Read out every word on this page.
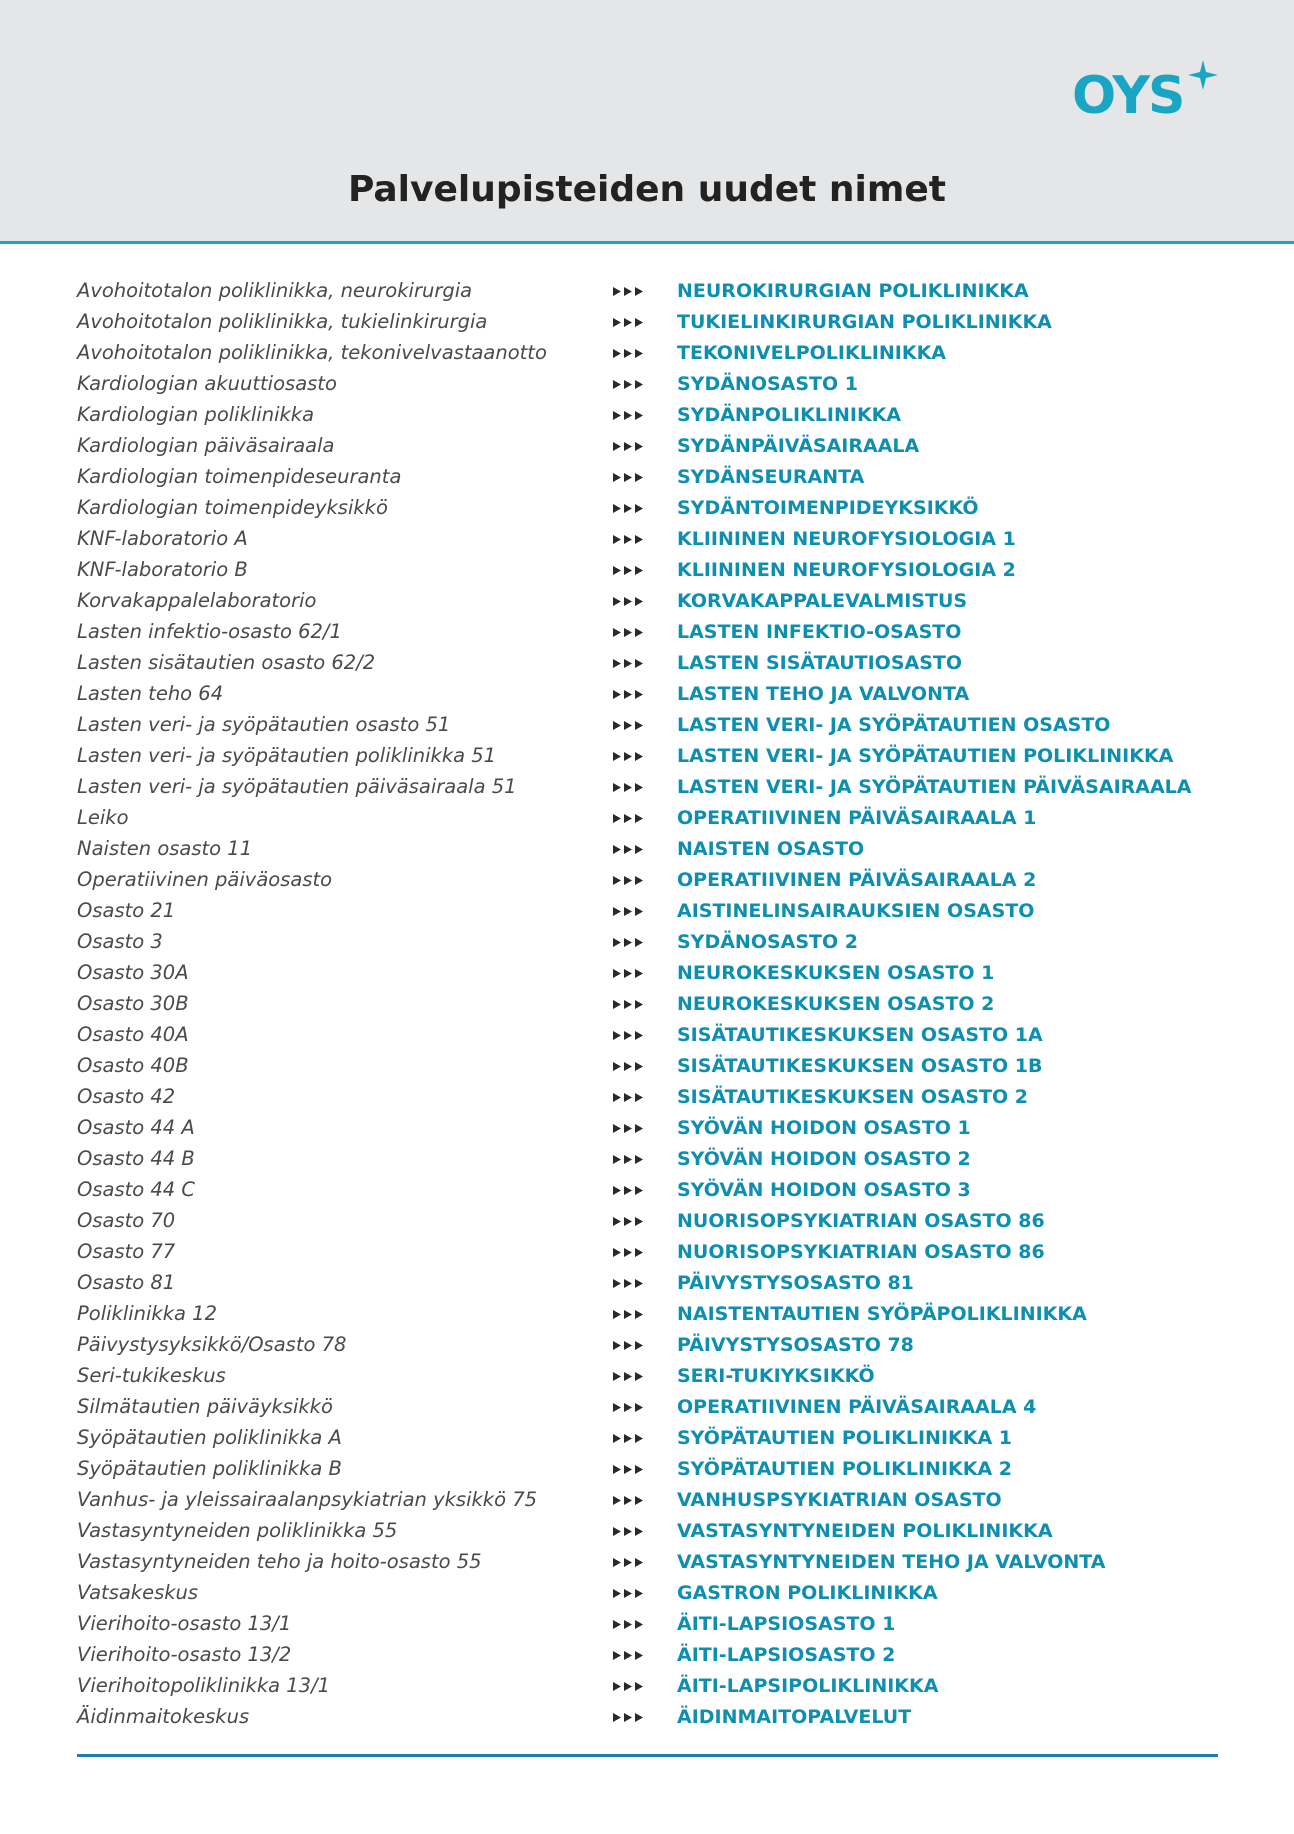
OYS
Palvelupisteiden uudet nimet
Avohoitotalon poliklinikka, neurokirurgia	NEUROKIRURGIAN POLIKLINIKKA
Avohoitotalon poliklinikka, tukielinkirurgia	TUKIELINKIRURGIAN POLIKLINIKKA
Avohoitotalon poliklinikka, tekonivelvastaanotto	TEKONIVELPOLIKLINIKKA
Kardiologian akuuttiosasto	SYDÄNOSASTO 1
Kardiologian poliklinikka	SYDÄNPOLIKLINIKKA
Kardiologian päiväsairaala	SYDÄNPÄIVÄSAIRAALA
Kardiologian toimenpideseuranta	SYDÄNSEURANTA
Kardiologian toimenpideyksikkö	SYDÄNTOIMENPIDEYKSIKKÖ
KNF-laboratorio A	KLIININEN NEUROFYSIOLOGIA 1
KNF-laboratorio B	KLIININEN NEUROFYSIOLOGIA 2
Korvakappalelaboratorio	KORVAKAPPALEVALMISTUS
Lasten infektio-osasto 62/1	LASTEN INFEKTIO-OSASTO
Lasten sisätautien osasto 62/2	LASTEN SISÄTAUTIOSASTO
Lasten teho 64	LASTEN TEHO JA VALVONTA
Lasten veri- ja syöpätautien osasto 51	LASTEN VERI- JA SYÖPÄTAUTIEN OSASTO
Lasten veri- ja syöpätautien poliklinikka 51	LASTEN VERI- JA SYÖPÄTAUTIEN POLIKLINIKKA
Lasten veri- ja syöpätautien päiväsairaala 51	LASTEN VERI- JA SYÖPÄTAUTIEN PÄIVÄSAIRAALA
Leiko	OPERATIIVINEN PÄIVÄSAIRAALA 1
Naisten osasto 11	NAISTEN OSASTO
Operatiivinen päiväosasto	OPERATIIVINEN PÄIVÄSAIRAALA 2
Osasto 21	AISTINELINSAIRAUKSIEN OSASTO
Osasto 3	SYDÄNOSASTO 2
Osasto 30A	NEUROKESKUKSEN OSASTO 1
Osasto 30B	NEUROKESKUKSEN OSASTO 2
Osasto 40A	SISÄTAUTIKESKUKSEN OSASTO 1A
Osasto 40B	SISÄTAUTIKESKUKSEN OSASTO 1B
Osasto 42	SISÄTAUTIKESKUKSEN OSASTO 2
Osasto 44 A	SYÖVÄN HOIDON OSASTO 1
Osasto 44 B	SYÖVÄN HOIDON OSASTO 2
Osasto 44 C	SYÖVÄN HOIDON OSASTO 3
Osasto 70	NUORISOPSYKIATRIAN OSASTO 86
Osasto 77	NUORISOPSYKIATRIAN OSASTO 86
Osasto 81	PÄIVYSTYSOSASTO 81
Poliklinikka 12	NAISTENTAUTIEN SYÖPÄPOLIKLINIKKA
Päivystysyksikkö/Osasto 78	PÄIVYSTYSOSASTO 78
Seri-tukikeskus	SERI-TUKIYKSIKKÖ
Silmätautien päiväyksikkö	OPERATIIVINEN PÄIVÄSAIRAALA 4
Syöpätautien poliklinikka A	SYÖPÄTAUTIEN POLIKLINIKKA 1
Syöpätautien poliklinikka B	SYÖPÄTAUTIEN POLIKLINIKKA 2
Vanhus- ja yleissairaalanpsykiatrian yksikkö 75	VANHUSPSYKIATRIAN OSASTO
Vastasyntyneiden poliklinikka 55	VASTASYNTYNEIDEN POLIKLINIKKA
Vastasyntyneiden teho ja hoito-osasto 55	VASTASYNTYNEIDEN TEHO JA VALVONTA
Vatsakeskus	GASTRON POLIKLINIKKA
Vierihoito-osasto 13/1	ÄITI-LAPSIOSASTO 1
Vierihoito-osasto 13/2	ÄITI-LAPSIOSASTO 2
Vierihoitopoliklinikka 13/1	ÄITI-LAPSIPOLIKLINIKKA
Äidinmaitokeskus	ÄIDINMAITOPALVELUT
